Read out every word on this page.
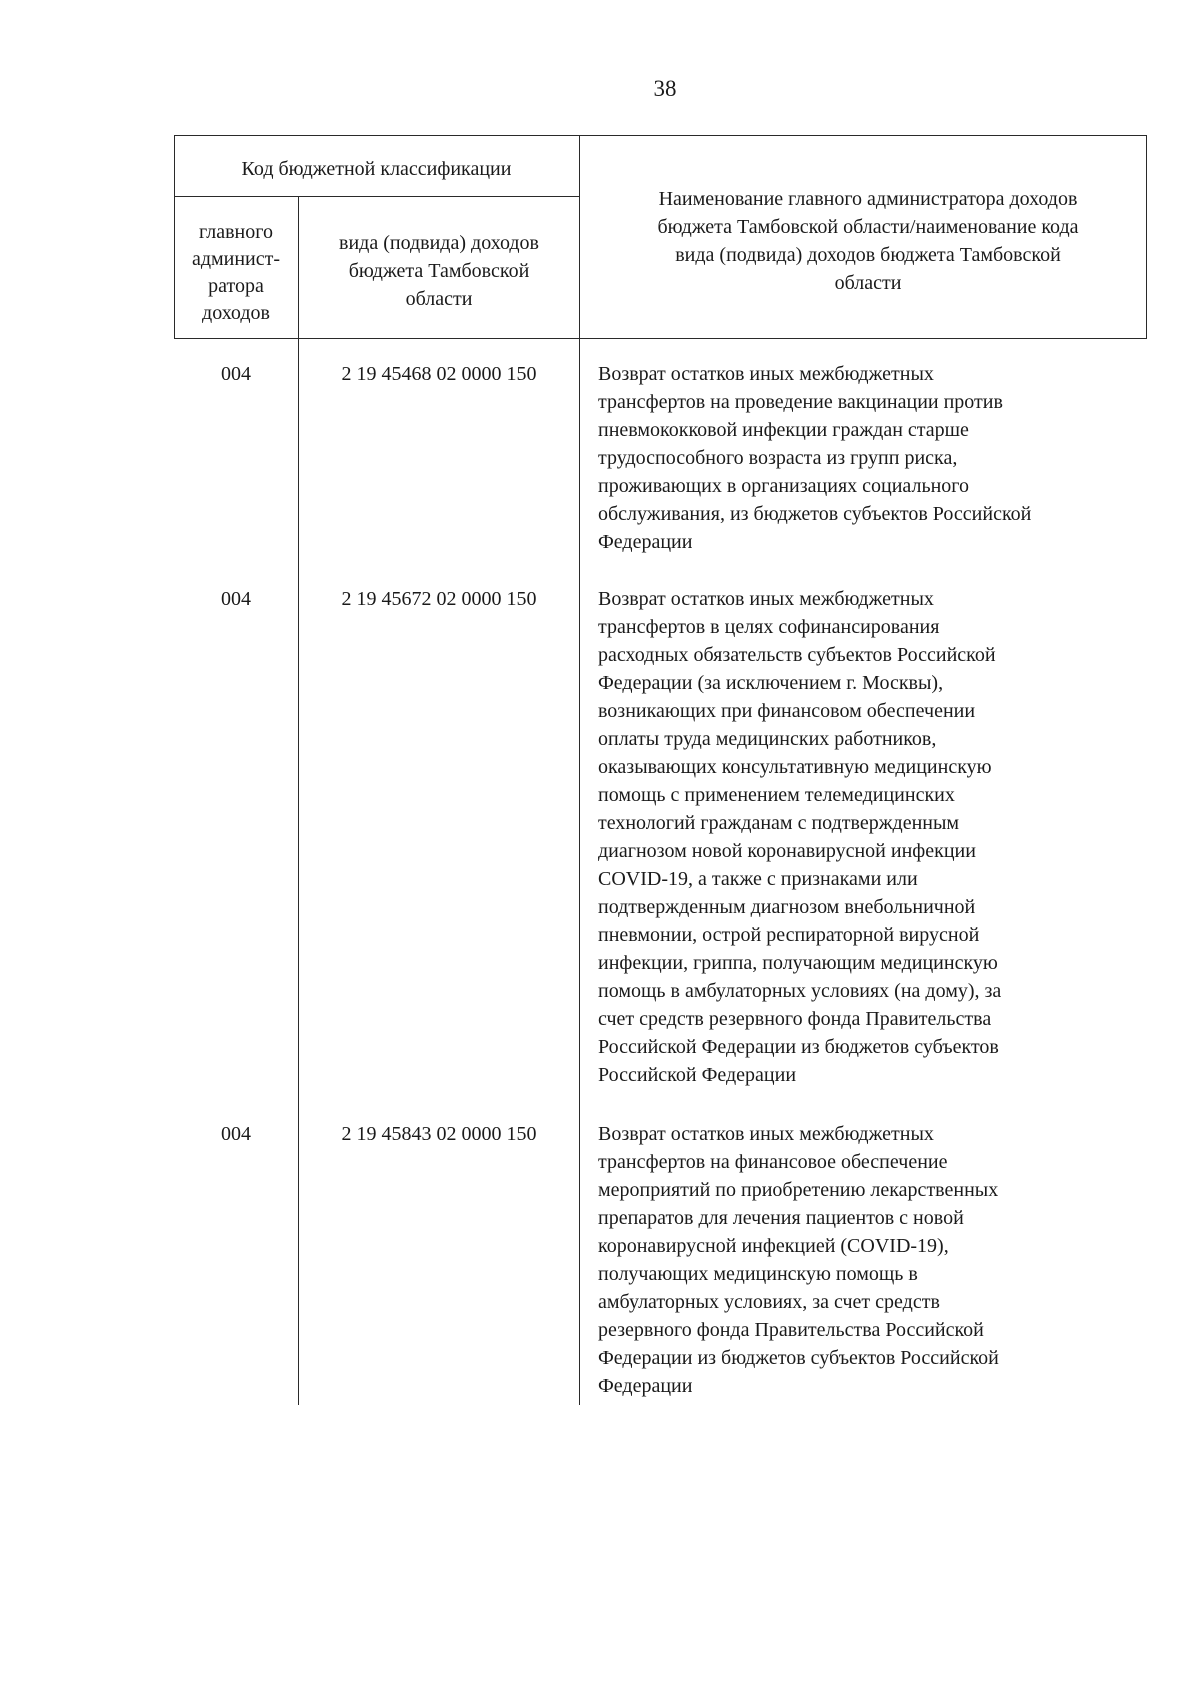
38
Код бюджетной классификации
главного
админист-
ратора
доходов
вида (подвида) доходов
бюджета Тамбовской
области
Наименование главного администратора доходов
бюджета Тамбовской области/наименование кода
вида (подвида) доходов бюджета Тамбовской
области
004	2 19 45468 02 0000 150	Возврат остатков иных межбюджетных
трансфертов на проведение вакцинации против
пневмококковой инфекции граждан старше
трудоспособного возраста из групп риска,
проживающих в организациях социального
обслуживания, из бюджетов субъектов Российской
Федерации
004	2 19 45672 02 0000 150	Возврат остатков иных межбюджетных
трансфертов в целях софинансирования
расходных обязательств субъектов Российской
Федерации (за исключением г. Москвы),
возникающих при финансовом обеспечении
оплаты труда медицинских работников,
оказывающих консультативную медицинскую
помощь с применением телемедицинских
технологий гражданам с подтвержденным
диагнозом новой коронавирусной инфекции
COVID-19, а также с признаками или
подтвержденным диагнозом внебольничной
пневмонии, острой респираторной вирусной
инфекции, гриппа, получающим медицинскую
помощь в амбулаторных условиях (на дому), за
счет средств резервного фонда Правительства
Российской Федерации из бюджетов субъектов
Российской Федерации
004	2 19 45843 02 0000 150	Возврат остатков иных межбюджетных
трансфертов на финансовое обеспечение
мероприятий по приобретению лекарственных
препаратов для лечения пациентов с новой
коронавирусной инфекцией (COVID-19),
получающих медицинскую помощь в
амбулаторных условиях, за счет средств
резервного фонда Правительства Российской
Федерации из бюджетов субъектов Российской
Федерации
